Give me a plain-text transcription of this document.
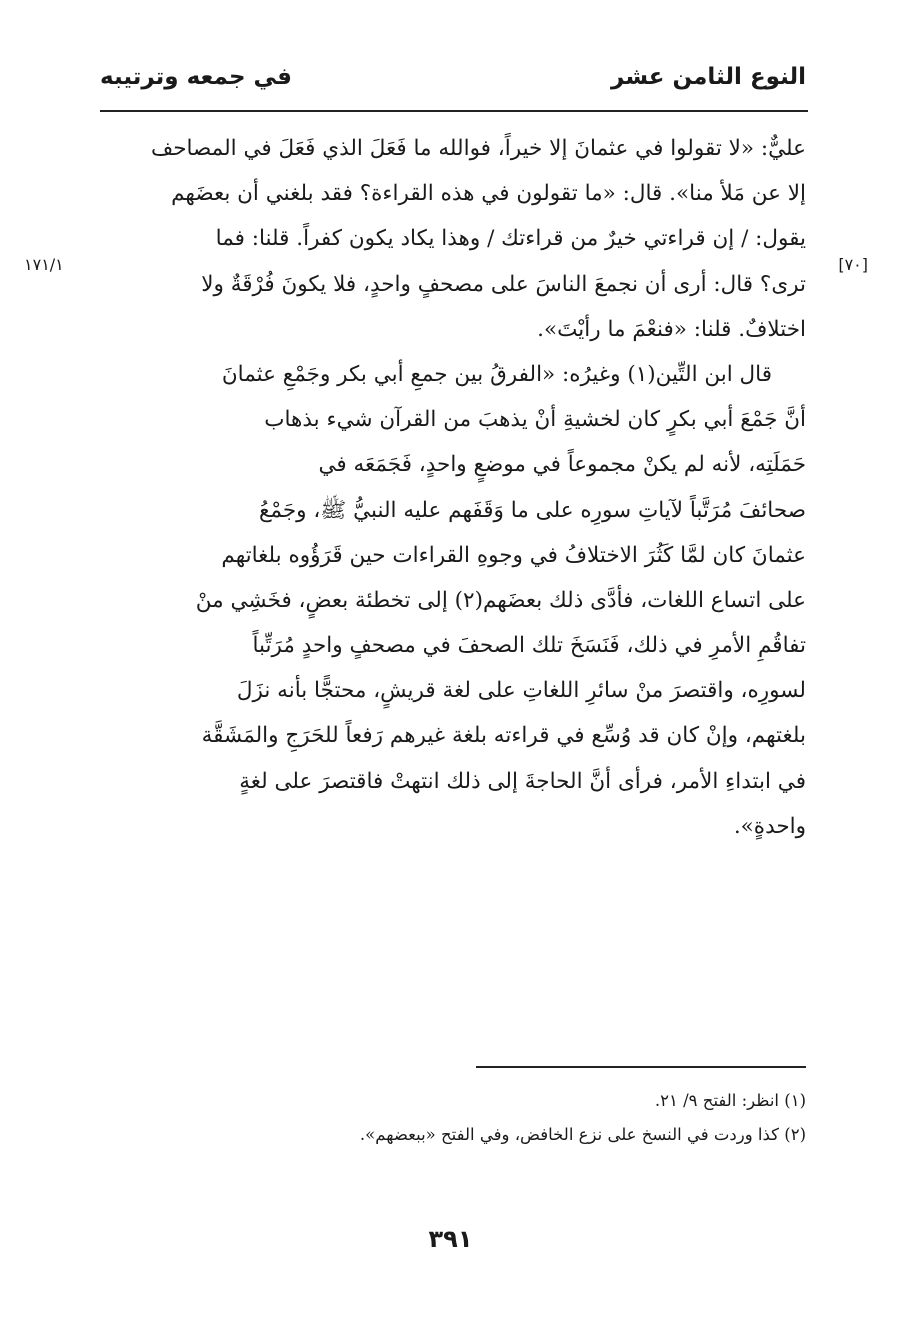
النوع الثامن عشر
في جمعه وترتيبه
[٧٠]
١٧١/١
عليٌّ: «لا تقولوا في عثمانَ إلا خيراً، فوالله ما فَعَلَ الذي فَعَلَ في المصاحف
إلا عن مَلأ منا». قال: «ما تقولون في هذه القراءة؟ فقد بلغني أن بعضَهم
يقول: / إن قراءتي خيرٌ من قراءتك / وهذا يكاد يكون كفراً. قلنا: فما
ترى؟ قال: أرى أن نجمعَ الناسَ على مصحفٍ واحدٍ، فلا يكونَ فُرْقَةٌ ولا
اختلافٌ. قلنا: «فنعْمَ ما رأيْتَ».
قال ابن التِّين(١) وغيرُه: «الفرقُ بين جمعِ أبي بكر وجَمْعِ عثمانَ
أنَّ جَمْعَ أبي بكرٍ كان لخشيةِ أنْ يذهبَ من القرآن شيء بذهاب
حَمَلَتِه، لأنه لم يكنْ مجموعاً في موضعٍ واحدٍ، فَجَمَعَه في
صحائفَ مُرَتَّباً لآياتِ سورِه على ما وَقَفَهم عليه النبيُّ ﷺ، وجَمْعُ
عثمانَ كان لمَّا كَثُرَ الاختلافُ في وجوهِ القراءات حين قَرَؤُوه بلغاتهم
على اتساع اللغات، فأدَّى ذلك بعضَهم(٢) إلى تخطئة بعضٍ، فخَشِي منْ
تفاقُمِ الأمرِ في ذلك، فَنَسَخَ تلك الصحفَ في مصحفٍ واحدٍ مُرَتِّباً
لسورِه، واقتصرَ منْ سائرِ اللغاتِ على لغة قريشٍ، محتجًّا بأنه نزَلَ
بلغتهم، وإنْ كان قد وُسِّع في قراءته بلغة غيرهم رَفعاً للحَرَجِ والمَشَقَّة
في ابتداءِ الأمر، فرأى أنَّ الحاجةَ إلى ذلك انتهتْ فاقتصرَ على لغةٍ
واحدةٍ».
(١) انظر: الفتح ٩/ ٢١.
(٢) كذا وردت في النسخ على نزع الخافض، وفي الفتح «ببعضهم».
٣٩١
